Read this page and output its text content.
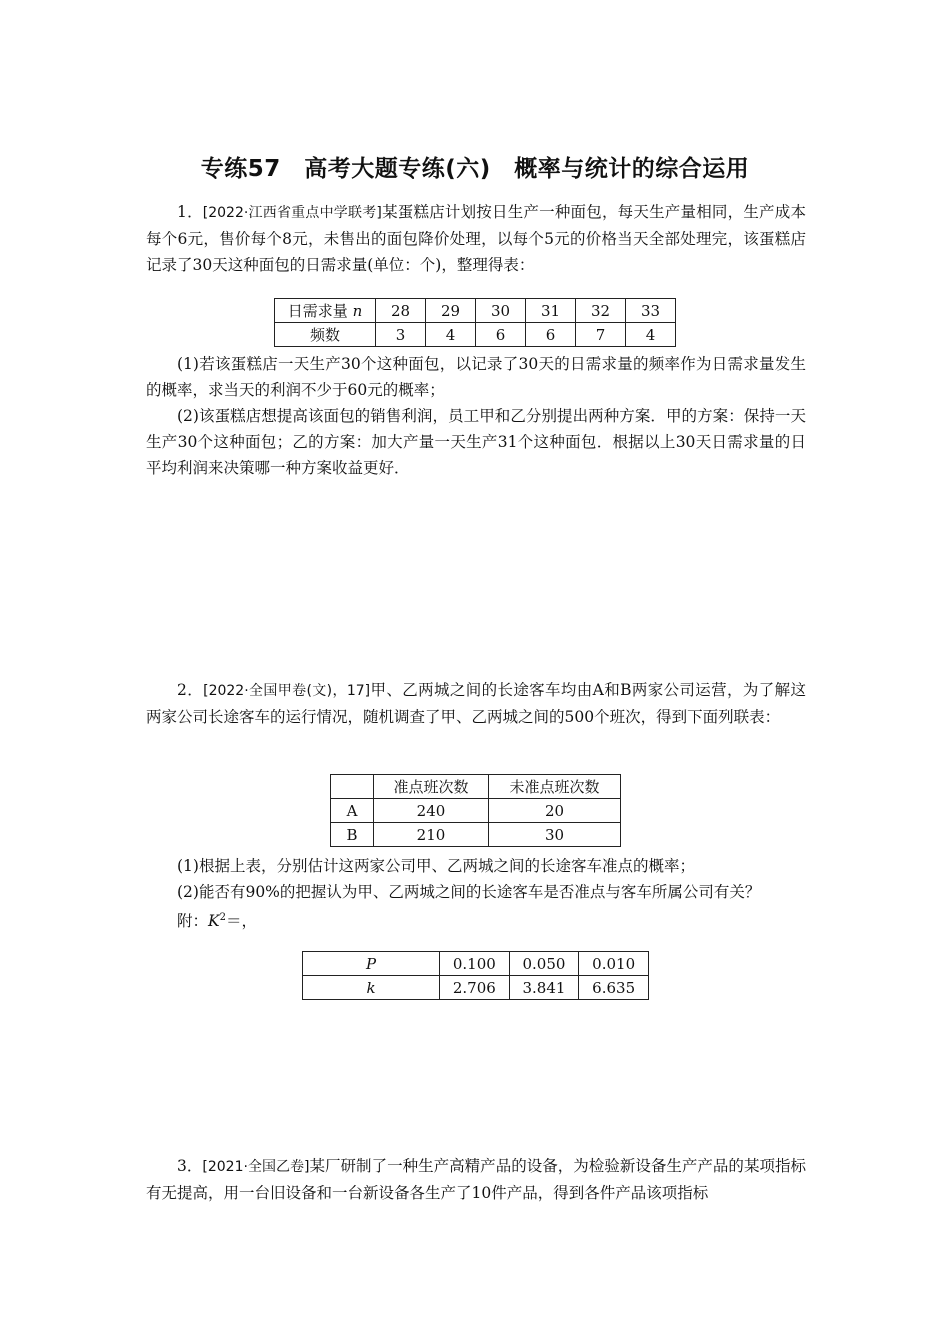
专练57　高考大题专练(六)　概率与统计的综合运用

1．[2022·江西省重点中学联考]某蛋糕店计划按日生产一种面包，每天生产量相同，生产成本每个6元，售价每个8元，未售出的面包降价处理，以每个5元的价格当天全部处理完，该蛋糕店记录了30天这种面包的日需求量(单位：个)，整理得表：

日需求量 n	28	29	30	31	32	33
频数	3	4	6	6	7	4

(1)若该蛋糕店一天生产30个这种面包，以记录了30天的日需求量的频率作为日需求量发生的概率，求当天的利润不少于60元的概率；

(2)该蛋糕店想提高该面包的销售利润，员工甲和乙分别提出两种方案．甲的方案：保持一天生产30个这种面包；乙的方案：加大产量一天生产31个这种面包．根据以上30天日需求量的日平均利润来决策哪一种方案收益更好．

2．[2022·全国甲卷(文)，17]甲、乙两城之间的长途客车均由A和B两家公司运营，为了解这两家公司长途客车的运行情况，随机调查了甲、乙两城之间的500个班次，得到下面列联表：

	准点班次数	未准点班次数
A	240	20
B	210	30

(1)根据上表，分别估计这两家公司甲、乙两城之间的长途客车准点的概率；

(2)能否有90%的把握认为甲、乙两城之间的长途客车是否准点与客车所属公司有关？

附：$K^2=$，

P	0.100	0.050	0.010
k	2.706	3.841	6.635

3．[2021·全国乙卷]某厂研制了一种生产高精产品的设备，为检验新设备生产产品的某项指标有无提高，用一台旧设备和一台新设备各生产了10件产品，得到各件产品该项指标
